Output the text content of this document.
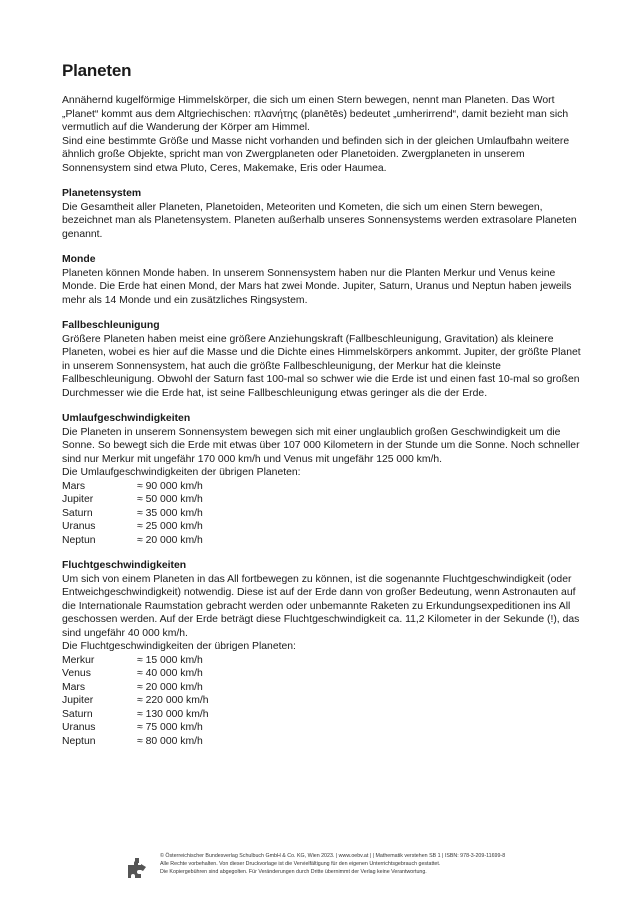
Planeten

Annähernd kugelförmige Himmelskörper, die sich um einen Stern bewegen, nennt man Planeten. Das Wort „Planet“ kommt aus dem Altgriechischen: πλανήτης (planētēs) bedeutet „umherirrend“, damit bezieht man sich vermutlich auf die Wanderung der Körper am Himmel.

Sind eine bestimmte Größe und Masse nicht vorhanden und befinden sich in der gleichen Umlaufbahn weitere ähnlich große Objekte, spricht man von Zwergplaneten oder Planetoiden. Zwergplaneten in unserem Sonnensystem sind etwa Pluto, Ceres, Makemake, Eris oder Haumea.

Planetensystem

Die Gesamtheit aller Planeten, Planetoiden, Meteoriten und Kometen, die sich um einen Stern bewegen, bezeichnet man als Planetensystem. Planeten außerhalb unseres Sonnensystems werden extrasolare Planeten genannt.

Monde

Planeten können Monde haben. In unserem Sonnensystem haben nur die Planten Merkur und Venus keine Monde. Die Erde hat einen Mond, der Mars hat zwei Monde. Jupiter, Saturn, Uranus und Neptun haben jeweils mehr als 14 Monde und ein zusätzliches Ringsystem.

Fallbeschleunigung

Größere Planeten haben meist eine größere Anziehungskraft (Fallbeschleunigung, Gravitation) als kleinere Planeten, wobei es hier auf die Masse und die Dichte eines Himmelskörpers ankommt. Jupiter, der größte Planet in unserem Sonnensystem, hat auch die größte Fallbeschleunigung, der Merkur hat die kleinste Fallbeschleunigung. Obwohl der Saturn fast 100-mal so schwer wie die Erde ist und einen fast 10-mal so großen Durchmesser wie die Erde hat, ist seine Fallbeschleunigung etwas geringer als die der Erde.

Umlaufgeschwindigkeiten

Die Planeten in unserem Sonnensystem bewegen sich mit einer unglaublich großen Geschwindigkeit um die Sonne. So bewegt sich die Erde mit etwas über 107 000 Kilometern in der Stunde um die Sonne. Noch schneller sind nur Merkur mit ungefähr 170 000 km/h und Venus mit ungefähr 125 000 km/h.

Die Umlaufgeschwindigkeiten der übrigen Planeten:

Mars	≈ 90 000 km/h
Jupiter	≈ 50 000 km/h
Saturn	≈ 35 000 km/h
Uranus	≈ 25 000 km/h
Neptun	≈ 20 000 km/h
Fluchtgeschwindigkeiten

Um sich von einem Planeten in das All fortbewegen zu können, ist die sogenannte Fluchtgeschwindigkeit (oder Entweichgeschwindigkeit) notwendig. Diese ist auf der Erde dann von großer Bedeutung, wenn Astronauten auf die Internationale Raumstation gebracht werden oder unbemannte Raketen zu Erkundungsexpeditionen ins All geschossen werden. Auf der Erde beträgt diese Fluchtgeschwindigkeit ca. 11,2 Kilometer in der Sekunde (!), das sind ungefähr 40 000 km/h.

Die Fluchtgeschwindigkeiten der übrigen Planeten:

Merkur	≈ 15 000 km/h
Venus	≈ 40 000 km/h
Mars	≈ 20 000 km/h
Jupiter	≈ 220 000 km/h
Saturn	≈ 130 000 km/h
Uranus	≈ 75 000 km/h
Neptun	≈ 80 000 km/h
© Österreichischer Bundesverlag Schulbuch GmbH & Co. KG, Wien 2023. | www.oebv.at | | Mathematik verstehen SB 1 | ISBN: 978-3-209-11699-8
Alle Rechte vorbehalten. Von dieser Druckvorlage ist die Vervielfältigung für den eigenen Unterrichtsgebrauch gestattet.
Die Kopiergebühren sind abgegolten. Für Veränderungen durch Dritte übernimmt der Verlag keine Verantwortung.
